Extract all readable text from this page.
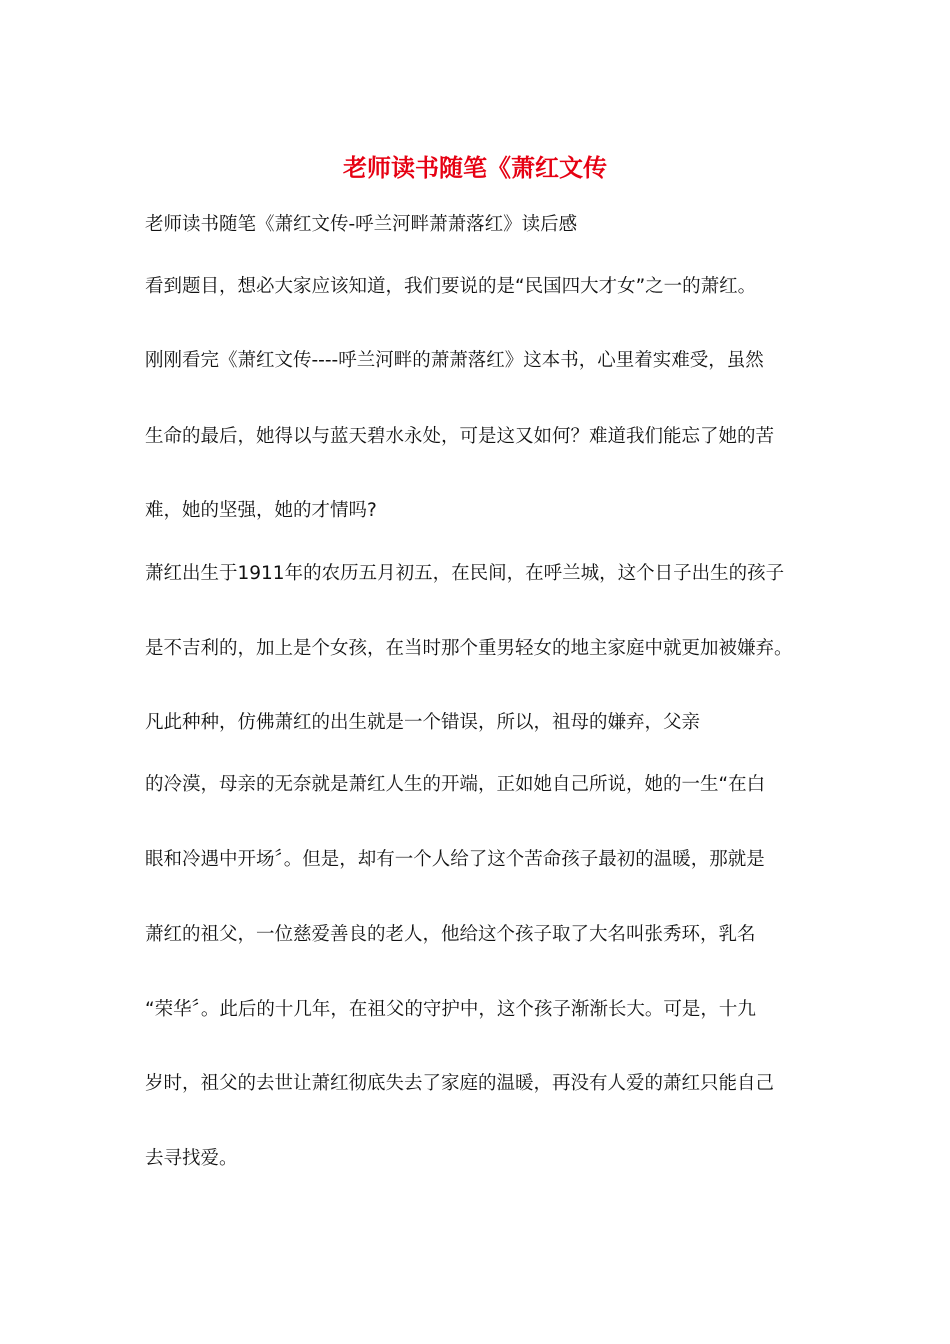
老师读书随笔《萧红文传
老师读书随笔《萧红文传-呼兰河畔萧萧落红》读后感
看到题目，想必大家应该知道，我们要说的是“民国四大才女”之一的萧红。
刚刚看完《萧红文传----呼兰河畔的萧萧落红》这本书，心里着实难受，虽然
生命的最后，她得以与蓝天碧水永处，可是这又如何？难道我们能忘了她的苦
难，她的坚强，她的才情吗?
萧红出生于1911年的农历五月初五，在民间，在呼兰城，这个日子出生的孩子
是不吉利的，加上是个女孩，在当时那个重男轻女的地主家庭中就更加被嫌弃。
凡此种种，仿佛萧红的出生就是一个错误，所以，祖母的嫌弃，父亲
的冷漠，母亲的无奈就是萧红人生的开端，正如她自己所说，她的一生“在白
眼和冷遇中开场〞。但是，却有一个人给了这个苦命孩子最初的温暖，那就是
萧红的祖父，一位慈爱善良的老人，他给这个孩子取了大名叫张秀环，乳名
“荣华〞。此后的十几年，在祖父的守护中，这个孩子渐渐长大。可是，十九
岁时，祖父的去世让萧红彻底失去了家庭的温暖，再没有人爱的萧红只能自己
去寻找爱。
